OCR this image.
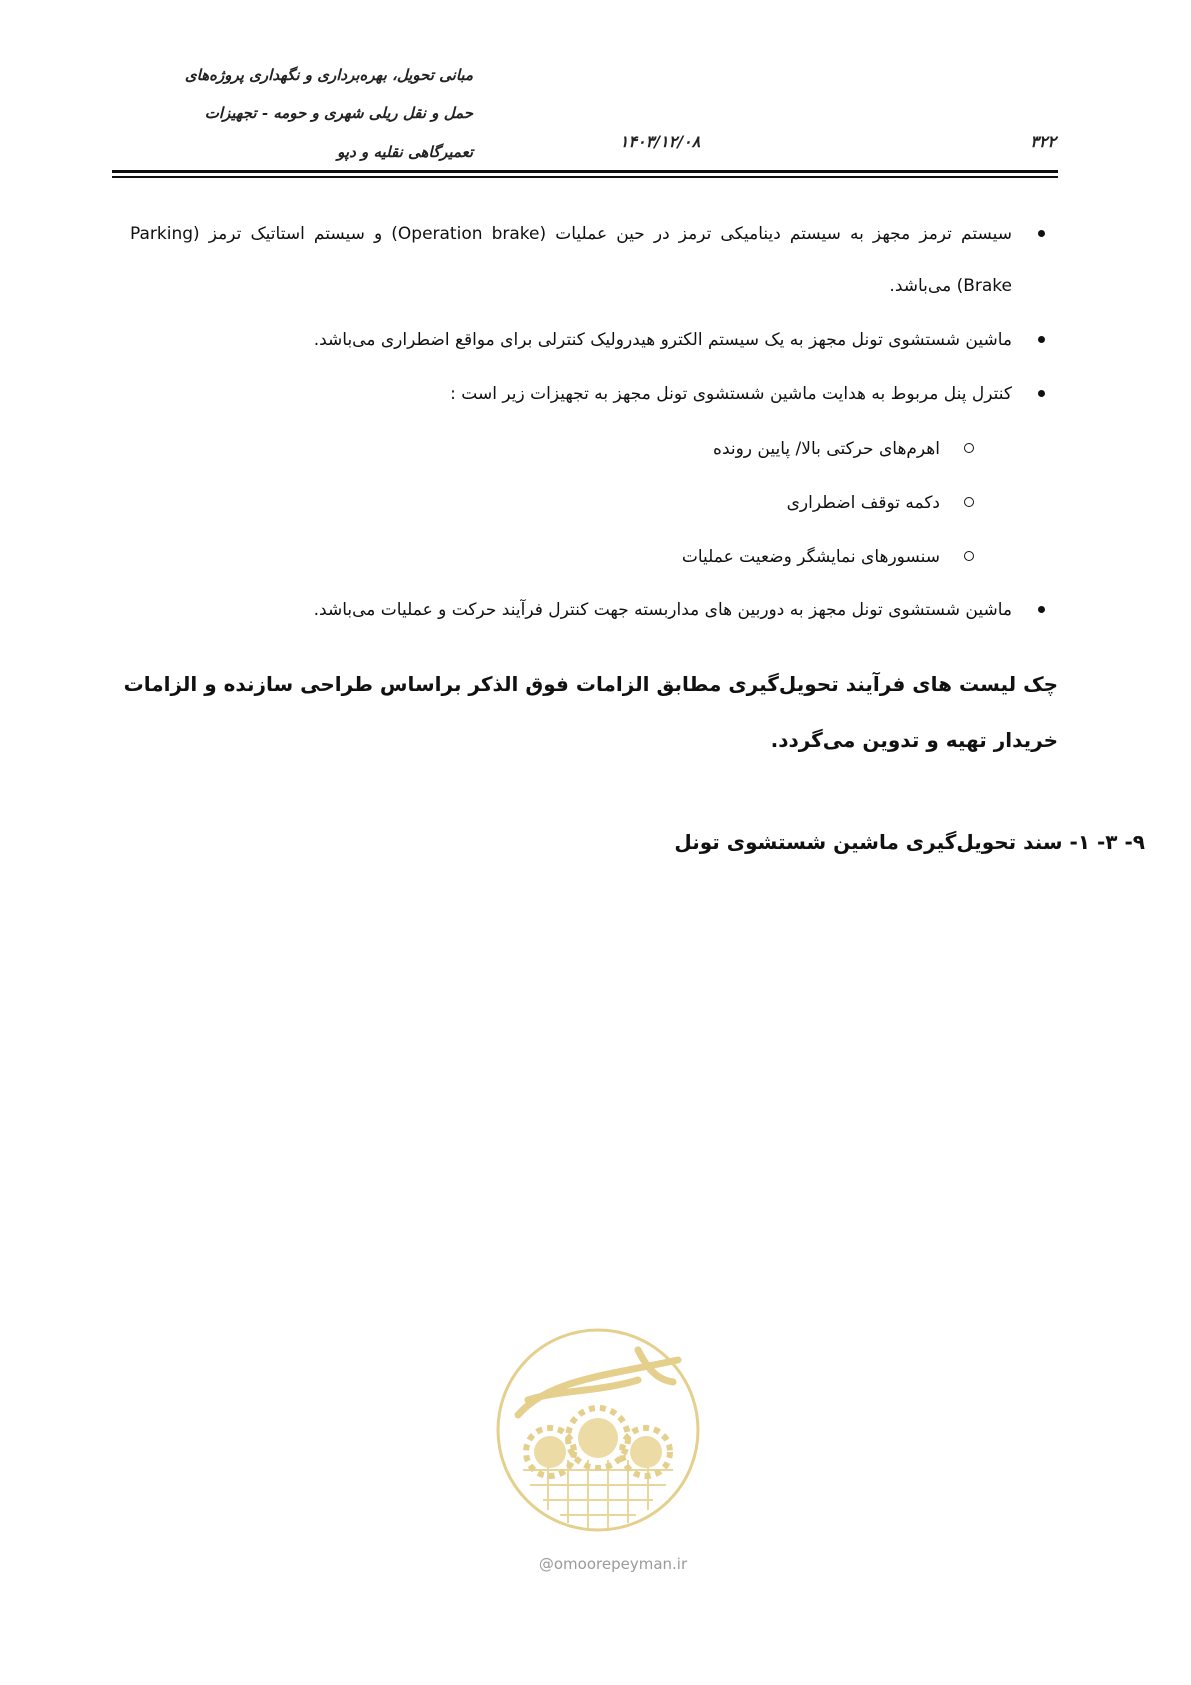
مبانی تحویل، بهره‌برداری و نگهداری پروژه‌های
حمل و نقل ریلی شهری و حومه - تجهیزات
تعمیرگاهی نقلیه و دپو
۱۴۰۳/۱۲/۰۸	۳۲۲
سیستم ترمز مجهز به سیستم دینامیکی ترمز در حین عملیات (Operation brake) و سیستم استاتیک ترمز (Parking Brake) می‌باشد.
ماشین شستشوی تونل مجهز به یک سیستم الکترو هیدرولیک کنترلی برای مواقع اضطراری می‌باشد.
کنترل پنل مربوط به هدایت ماشین شستشوی تونل مجهز به تجهیزات زیر است :
اهرم‌های حرکتی بالا/ پایین رونده
دکمه توقف اضطراری
سنسورهای نمایشگر وضعیت عملیات
ماشین شستشوی تونل مجهز به دوربین های مداربسته جهت کنترل فرآیند حرکت و عملیات می‌باشد.
چک لیست های فرآیند تحویل‌گیری مطابق الزامات فوق الذکر براساس طراحی سازنده و الزامات خریدار تهیه و تدوین می‌گردد.
۹- ۳- ۱- سند تحویل‌گیری ماشین شستشوی تونل
@omoorepeyman.ir
